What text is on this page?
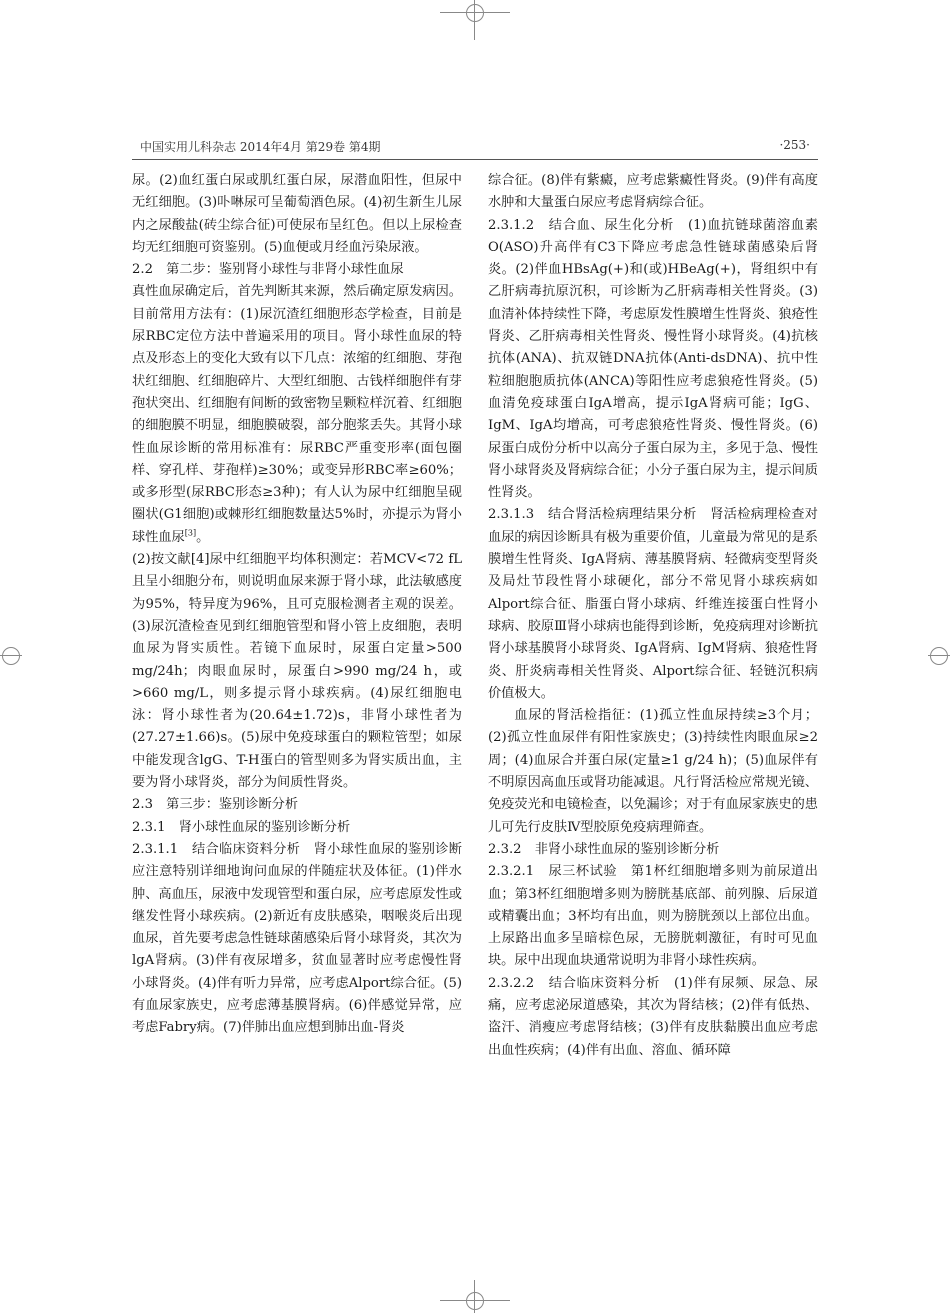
中国实用儿科杂志 2014年4月 第29卷 第4期	·253·

尿。(2)血红蛋白尿或肌红蛋白尿，尿潜血阳性，但尿中无红细胞。(3)卟啉尿可呈葡萄酒色尿。(4)初生新生儿尿内之尿酸盐(砖尘综合征)可使尿布呈红色。但以上尿检查均无红细胞可资鉴别。(5)血便或月经血污染尿液。

2.2　第二步：鉴别肾小球性与非肾小球性血尿

真性血尿确定后，首先判断其来源，然后确定原发病因。目前常用方法有：(1)尿沉渣红细胞形态学检查，目前是尿RBC定位方法中普遍采用的项目。肾小球性血尿的特点及形态上的变化大致有以下几点：浓缩的红细胞、芽孢状红细胞、红细胞碎片、大型红细胞、古钱样细胞伴有芽孢状突出、红细胞有间断的致密物呈颗粒样沉着、红细胞的细胞膜不明显，细胞膜破裂，部分胞浆丢失。其肾小球性血尿诊断的常用标准有：尿RBC严重变形率(面包圈样、穿孔样、芽孢样)≥30%；或变异形RBC率≥60%；或多形型(尿RBC形态≥3种)；有人认为尿中红细胞呈砚圈状(G1细胞)或棘形红细胞数量达5%时，亦提示为肾小球性血尿[3]。

(2)按文献[4]尿中红细胞平均体积测定：若MCV<72 fL且呈小细胞分布，则说明血尿来源于肾小球，此法敏感度为95%，特异度为96%，且可克服检测者主观的误差。(3)尿沉渣检查见到红细胞管型和肾小管上皮细胞，表明血尿为肾实质性。若镜下血尿时，尿蛋白定量>500 mg/24h；肉眼血尿时，尿蛋白>990 mg/24 h，或>660 mg/L，则多提示肾小球疾病。(4)尿红细胞电泳：肾小球性者为(20.64±1.72)s，非肾小球性者为(27.27±1.66)s。(5)尿中免疫球蛋白的颗粒管型；如尿中能发现含lgG、T-H蛋白的管型则多为肾实质出血，主要为肾小球肾炎，部分为间质性肾炎。

2.3　第三步：鉴别诊断分析

2.3.1　肾小球性血尿的鉴别诊断分析

2.3.1.1　结合临床资料分析　肾小球性血尿的鉴别诊断应注意特别详细地询问血尿的伴随症状及体征。(1)伴水肿、高血压，尿液中发现管型和蛋白尿，应考虑原发性或继发性肾小球疾病。(2)新近有皮肤感染，咽喉炎后出现血尿，首先要考虑急性链球菌感染后肾小球肾炎，其次为lgA肾病。(3)伴有夜尿增多，贫血显著时应考虑慢性肾小球肾炎。(4)伴有听力异常，应考虑Alport综合征。(5)有血尿家族史，应考虑薄基膜肾病。(6)伴感觉异常，应考虑Fabry病。(7)伴肺出血应想到肺出血-肾炎

综合征。(8)伴有紫癜，应考虑紫癜性肾炎。(9)伴有高度水肿和大量蛋白尿应考虑肾病综合征。

2.3.1.2　结合血、尿生化分析　(1)血抗链球菌溶血素O(ASO)升高伴有C3下降应考虑急性链球菌感染后肾炎。(2)伴血HBsAg(+)和(或)HBeAg(+)，肾组织中有乙肝病毒抗原沉积，可诊断为乙肝病毒相关性肾炎。(3)血清补体持续性下降，考虑原发性膜增生性肾炎、狼疮性肾炎、乙肝病毒相关性肾炎、慢性肾小球肾炎。(4)抗核抗体(ANA)、抗双链DNA抗体(Anti-dsDNA)、抗中性粒细胞胞质抗体(ANCA)等阳性应考虑狼疮性肾炎。(5)血清免疫球蛋白IgA增高，提示IgA肾病可能；IgG、IgM、IgA均增高，可考虑狼疮性肾炎、慢性肾炎。(6)尿蛋白成份分析中以高分子蛋白尿为主，多见于急、慢性肾小球肾炎及肾病综合征；小分子蛋白尿为主，提示间质性肾炎。

2.3.1.3　结合肾活检病理结果分析　肾活检病理检查对血尿的病因诊断具有极为重要价值，儿童最为常见的是系膜增生性肾炎、IgA肾病、薄基膜肾病、轻微病变型肾炎及局灶节段性肾小球硬化，部分不常见肾小球疾病如Alport综合征、脂蛋白肾小球病、纤维连接蛋白性肾小球病、胶原Ⅲ肾小球病也能得到诊断，免疫病理对诊断抗肾小球基膜肾小球肾炎、IgA肾病、IgM肾病、狼疮性肾炎、肝炎病毒相关性肾炎、Alport综合征、轻链沉积病价值极大。

血尿的肾活检指征：(1)孤立性血尿持续≥3个月；(2)孤立性血尿伴有阳性家族史；(3)持续性肉眼血尿≥2周；(4)血尿合并蛋白尿(定量≥1 g/24 h)；(5)血尿伴有不明原因高血压或肾功能减退。凡行肾活检应常规光镜、免疫荧光和电镜检查，以免漏诊；对于有血尿家族史的患儿可先行皮肤Ⅳ型胶原免疫病理筛查。

2.3.2　非肾小球性血尿的鉴别诊断分析

2.3.2.1　尿三杯试验　第1杯红细胞增多则为前尿道出血；第3杯红细胞增多则为膀胱基底部、前列腺、后尿道或精囊出血；3杯均有出血，则为膀胱颈以上部位出血。上尿路出血多呈暗棕色尿，无膀胱刺激征，有时可见血块。尿中出现血块通常说明为非肾小球性疾病。

2.3.2.2　结合临床资料分析　(1)伴有尿频、尿急、尿痛，应考虑泌尿道感染，其次为肾结核；(2)伴有低热、盗汗、消瘦应考虑肾结核；(3)伴有皮肤黏膜出血应考虑出血性疾病；(4)伴有出血、溶血、循环障
